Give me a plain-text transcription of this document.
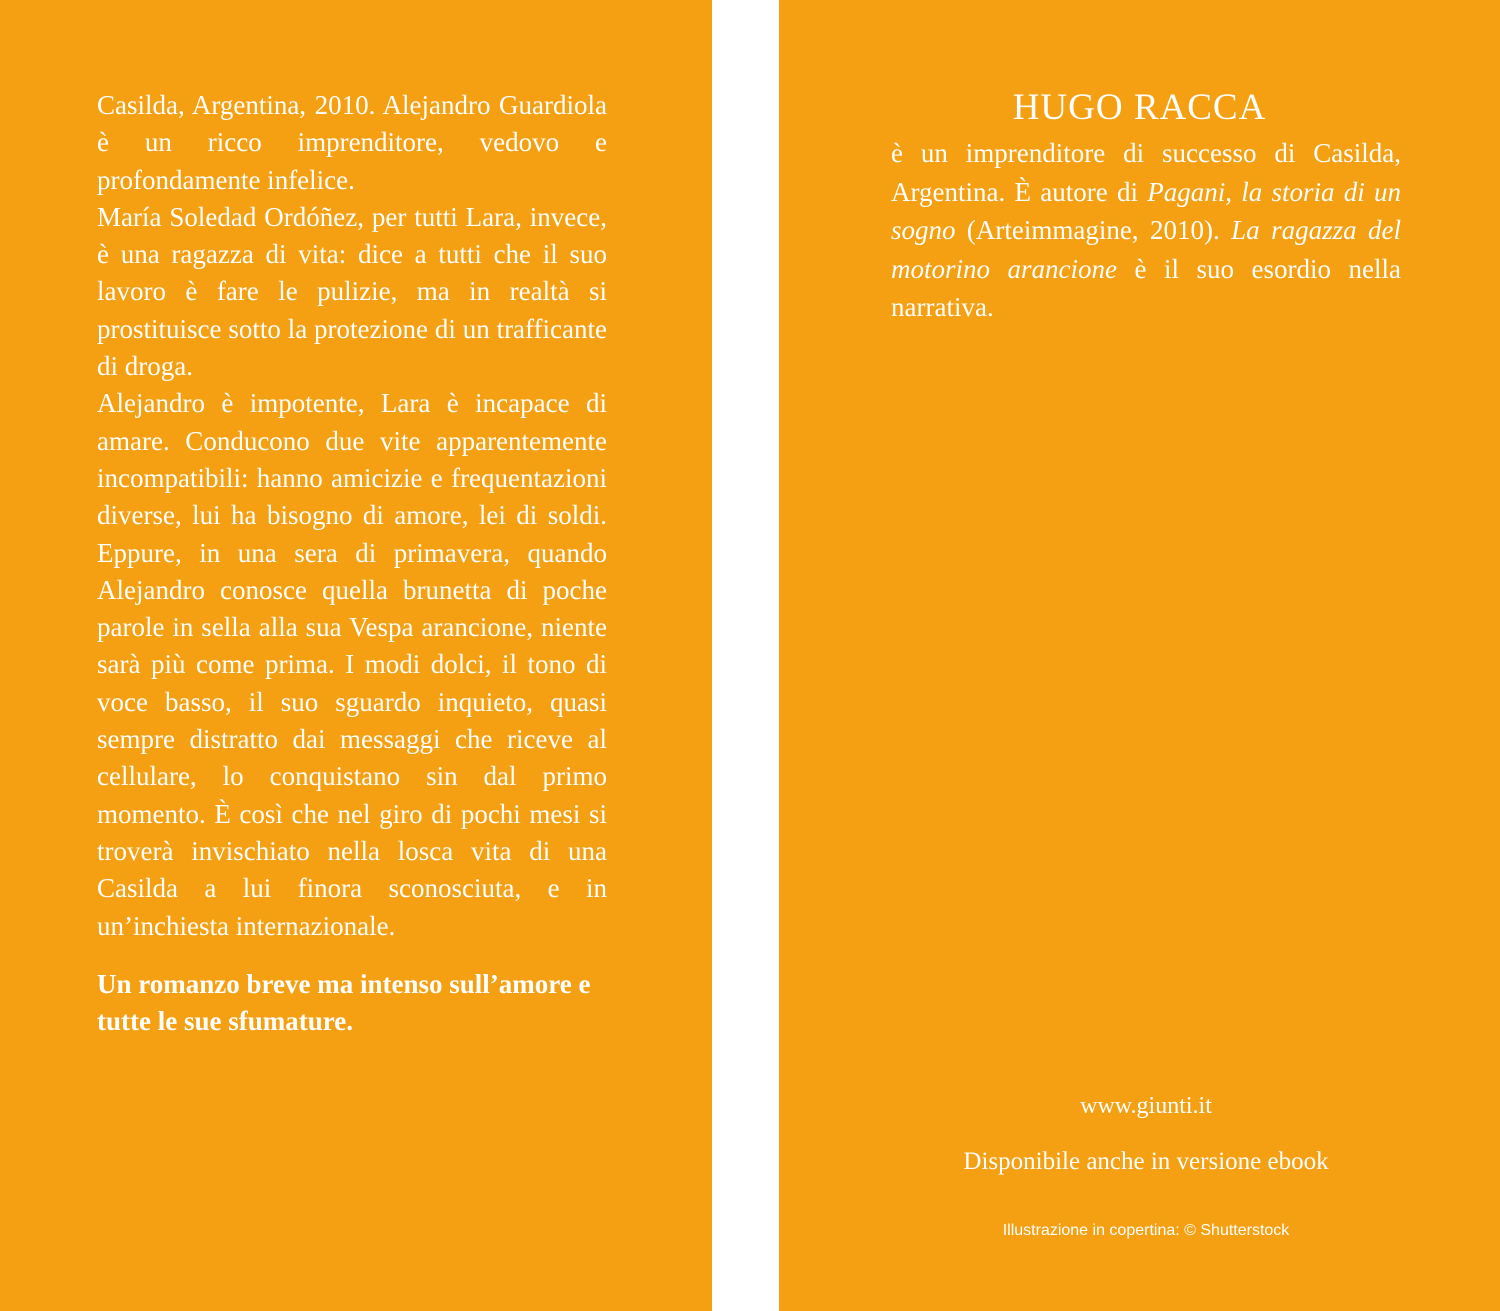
Casilda, Argentina, 2010. Alejandro Guardiola è un ricco imprenditore, vedovo e profondamente infelice.

María Soledad Ordóñez, per tutti Lara, invece, è una ragazza di vita: dice a tutti che il suo lavoro è fare le pulizie, ma in realtà si prostituisce sotto la protezione di un trafficante di droga.

Alejandro è impotente, Lara è incapace di amare. Conducono due vite apparentemente incompatibili: hanno amicizie e frequentazioni diverse, lui ha bisogno di amore, lei di soldi. Eppure, in una sera di primavera, quando Alejandro conosce quella brunetta di poche parole in sella alla sua Vespa arancione, niente sarà più come prima. I modi dolci, il tono di voce basso, il suo sguardo inquieto, quasi sempre distratto dai messaggi che riceve al cellulare, lo conquistano sin dal primo momento. È così che nel giro di pochi mesi si troverà invischiato nella losca vita di una Casilda a lui finora sconosciuta, e in un’inchiesta internazionale.

Un romanzo breve ma intenso sull’amore e tutte le sue sfumature.

HUGO RACCA
è un imprenditore di successo di Casilda, Argentina. È autore di Pagani, la storia di un sogno (Arteimmagine, 2010). La ragazza del motorino arancione è il suo esordio nella narrativa.
www.giunti.it
Disponibile anche in versione ebook
Illustrazione in copertina: © Shutterstock
